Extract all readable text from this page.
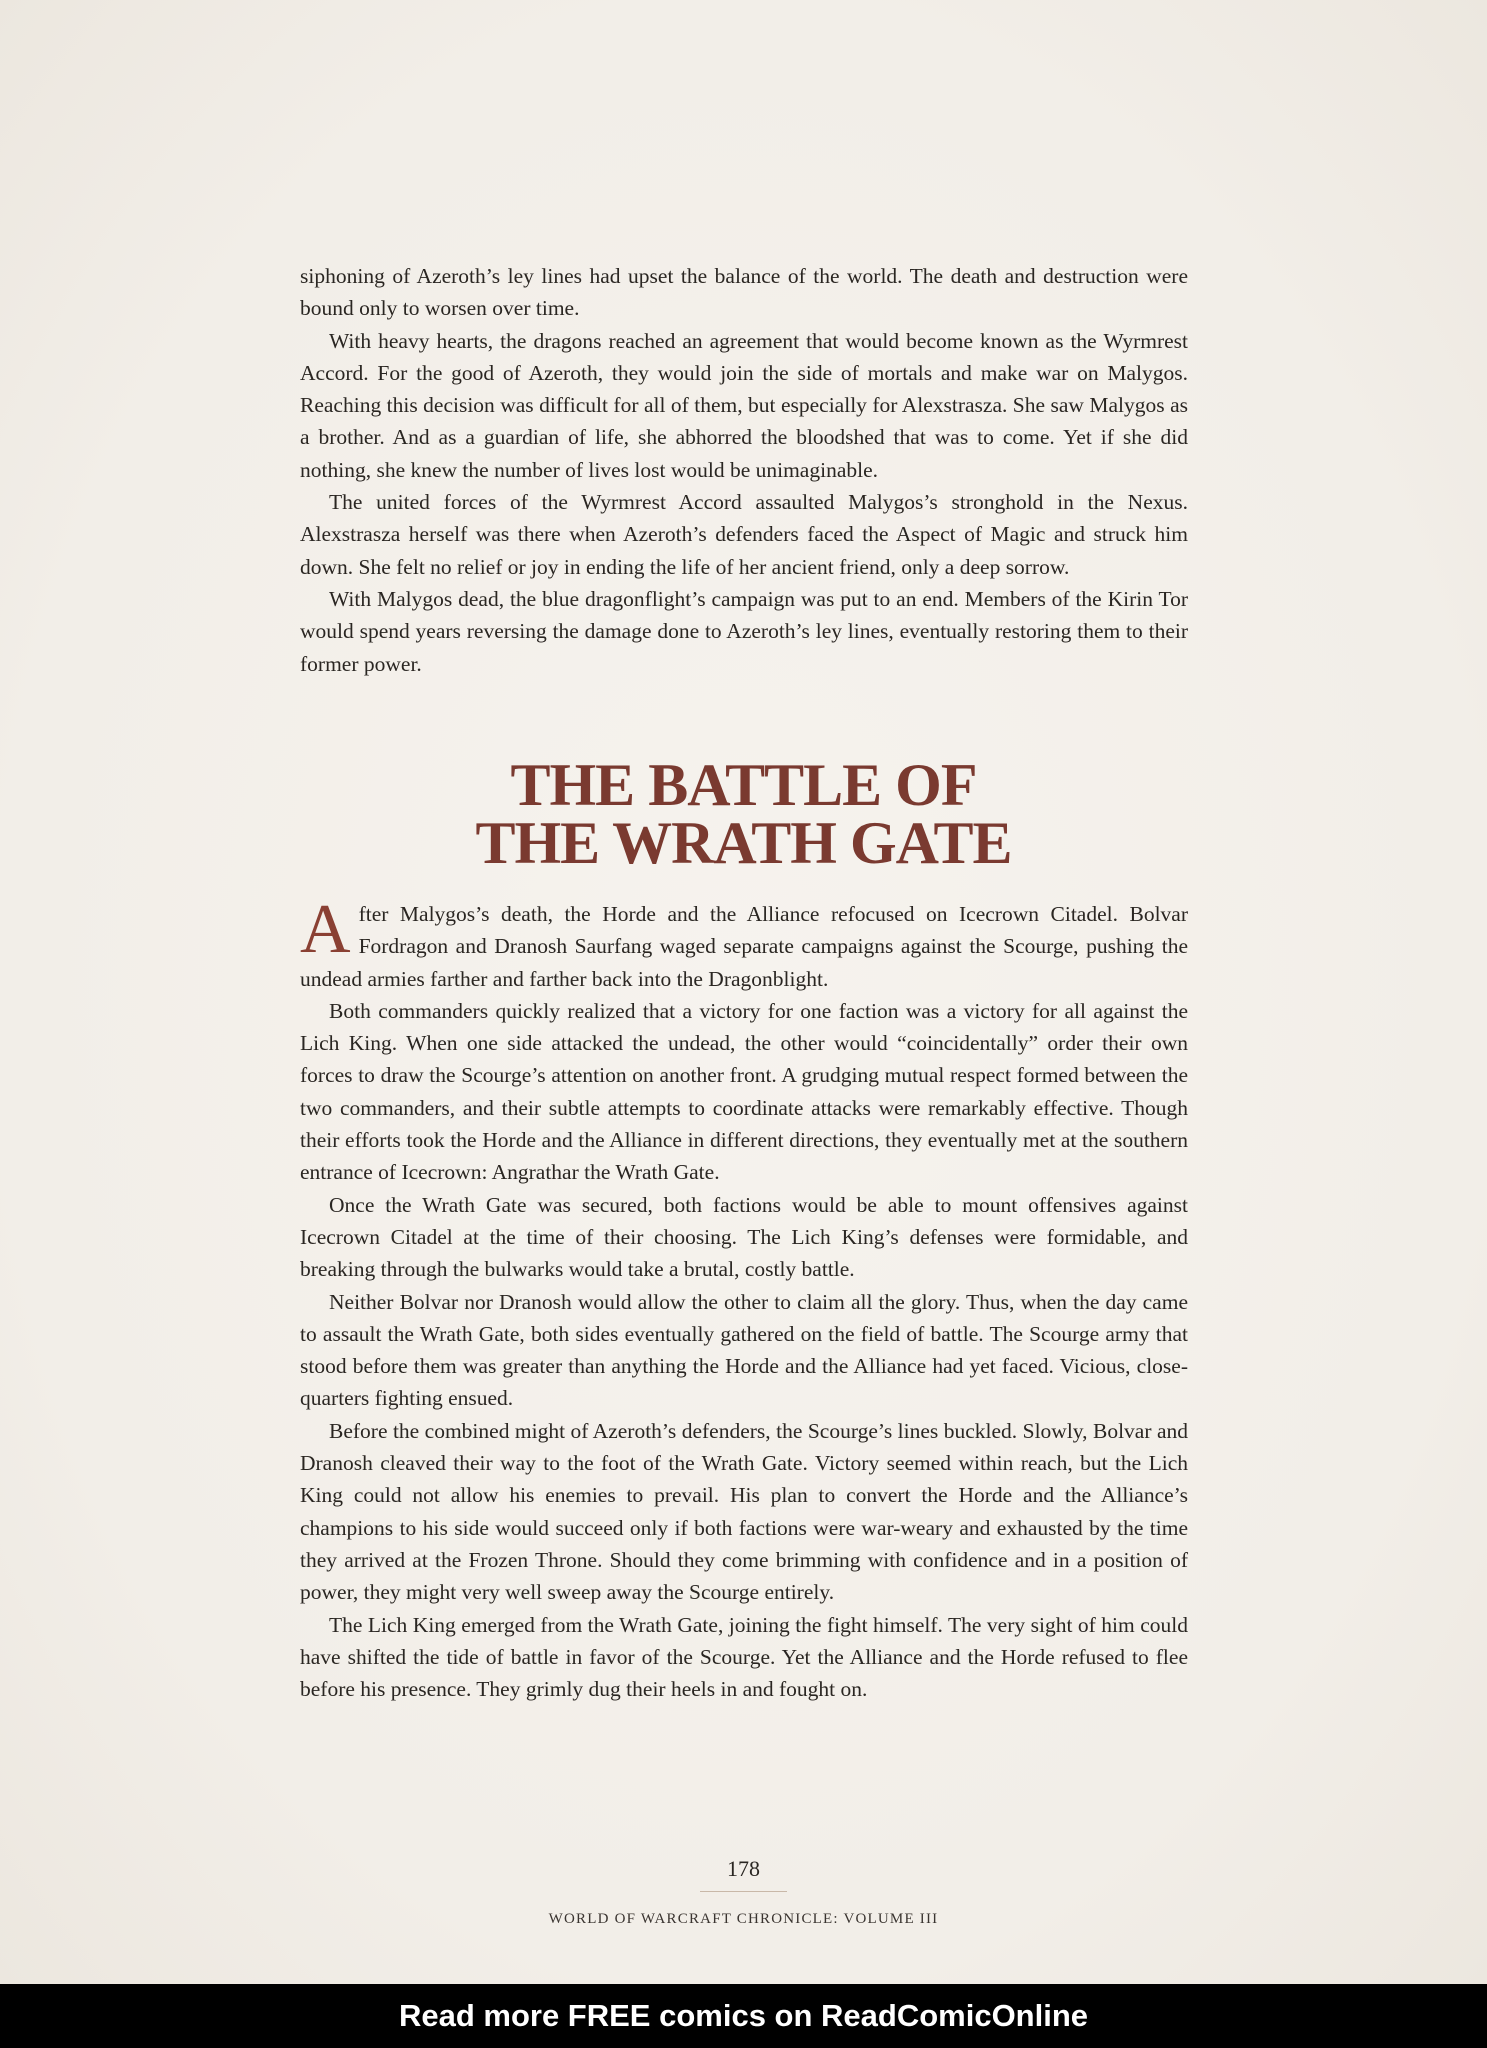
siphoning of Azeroth’s ley lines had upset the balance of the world. The death and destruction were bound only to worsen over time.

With heavy hearts, the dragons reached an agreement that would become known as the Wyrmrest Accord. For the good of Azeroth, they would join the side of mortals and make war on Malygos. Reaching this decision was difficult for all of them, but especially for Alexstrasza. She saw Malygos as a brother. And as a guardian of life, she abhorred the bloodshed that was to come. Yet if she did nothing, she knew the number of lives lost would be unimaginable.

The united forces of the Wyrmrest Accord assaulted Malygos’s stronghold in the Nexus. Alexstrasza herself was there when Azeroth’s defenders faced the Aspect of Magic and struck him down. She felt no relief or joy in ending the life of her ancient friend, only a deep sorrow.

With Malygos dead, the blue dragonflight’s campaign was put to an end. Members of the Kirin Tor would spend years reversing the damage done to Azeroth’s ley lines, eventually restoring them to their former power.

THE BATTLE OF
THE WRATH GATE

After Malygos’s death, the Horde and the Alliance refocused on Icecrown Citadel. Bolvar Fordragon and Dranosh Saurfang waged separate campaigns against the Scourge, pushing the undead armies farther and farther back into the Dragonblight.

Both commanders quickly realized that a victory for one faction was a victory for all against the Lich King. When one side attacked the undead, the other would “coincidentally” order their own forces to draw the Scourge’s attention on another front. A grudging mutual respect formed between the two commanders, and their subtle attempts to coordinate attacks were remarkably effective. Though their efforts took the Horde and the Alliance in different directions, they eventually met at the southern entrance of Icecrown: Angrathar the Wrath Gate.

Once the Wrath Gate was secured, both factions would be able to mount offensives against Icecrown Citadel at the time of their choosing. The Lich King’s defenses were formidable, and breaking through the bulwarks would take a brutal, costly battle.

Neither Bolvar nor Dranosh would allow the other to claim all the glory. Thus, when the day came to assault the Wrath Gate, both sides eventually gathered on the field of battle. The Scourge army that stood before them was greater than anything the Horde and the Alliance had yet faced. Vicious, close-quarters fighting ensued.

Before the combined might of Azeroth’s defenders, the Scourge’s lines buckled. Slowly, Bolvar and Dranosh cleaved their way to the foot of the Wrath Gate. Victory seemed within reach, but the Lich King could not allow his enemies to prevail. His plan to convert the Horde and the Alliance’s champions to his side would succeed only if both factions were war-weary and exhausted by the time they arrived at the Frozen Throne. Should they come brimming with confidence and in a position of power, they might very well sweep away the Scourge entirely.

The Lich King emerged from the Wrath Gate, joining the fight himself. The very sight of him could have shifted the tide of battle in favor of the Scourge. Yet the Alliance and the Horde refused to flee before his presence. They grimly dug their heels in and fought on.

178
WORLD OF WARCRAFT CHRONICLE: VOLUME III
Read more FREE comics on ReadComicOnline
